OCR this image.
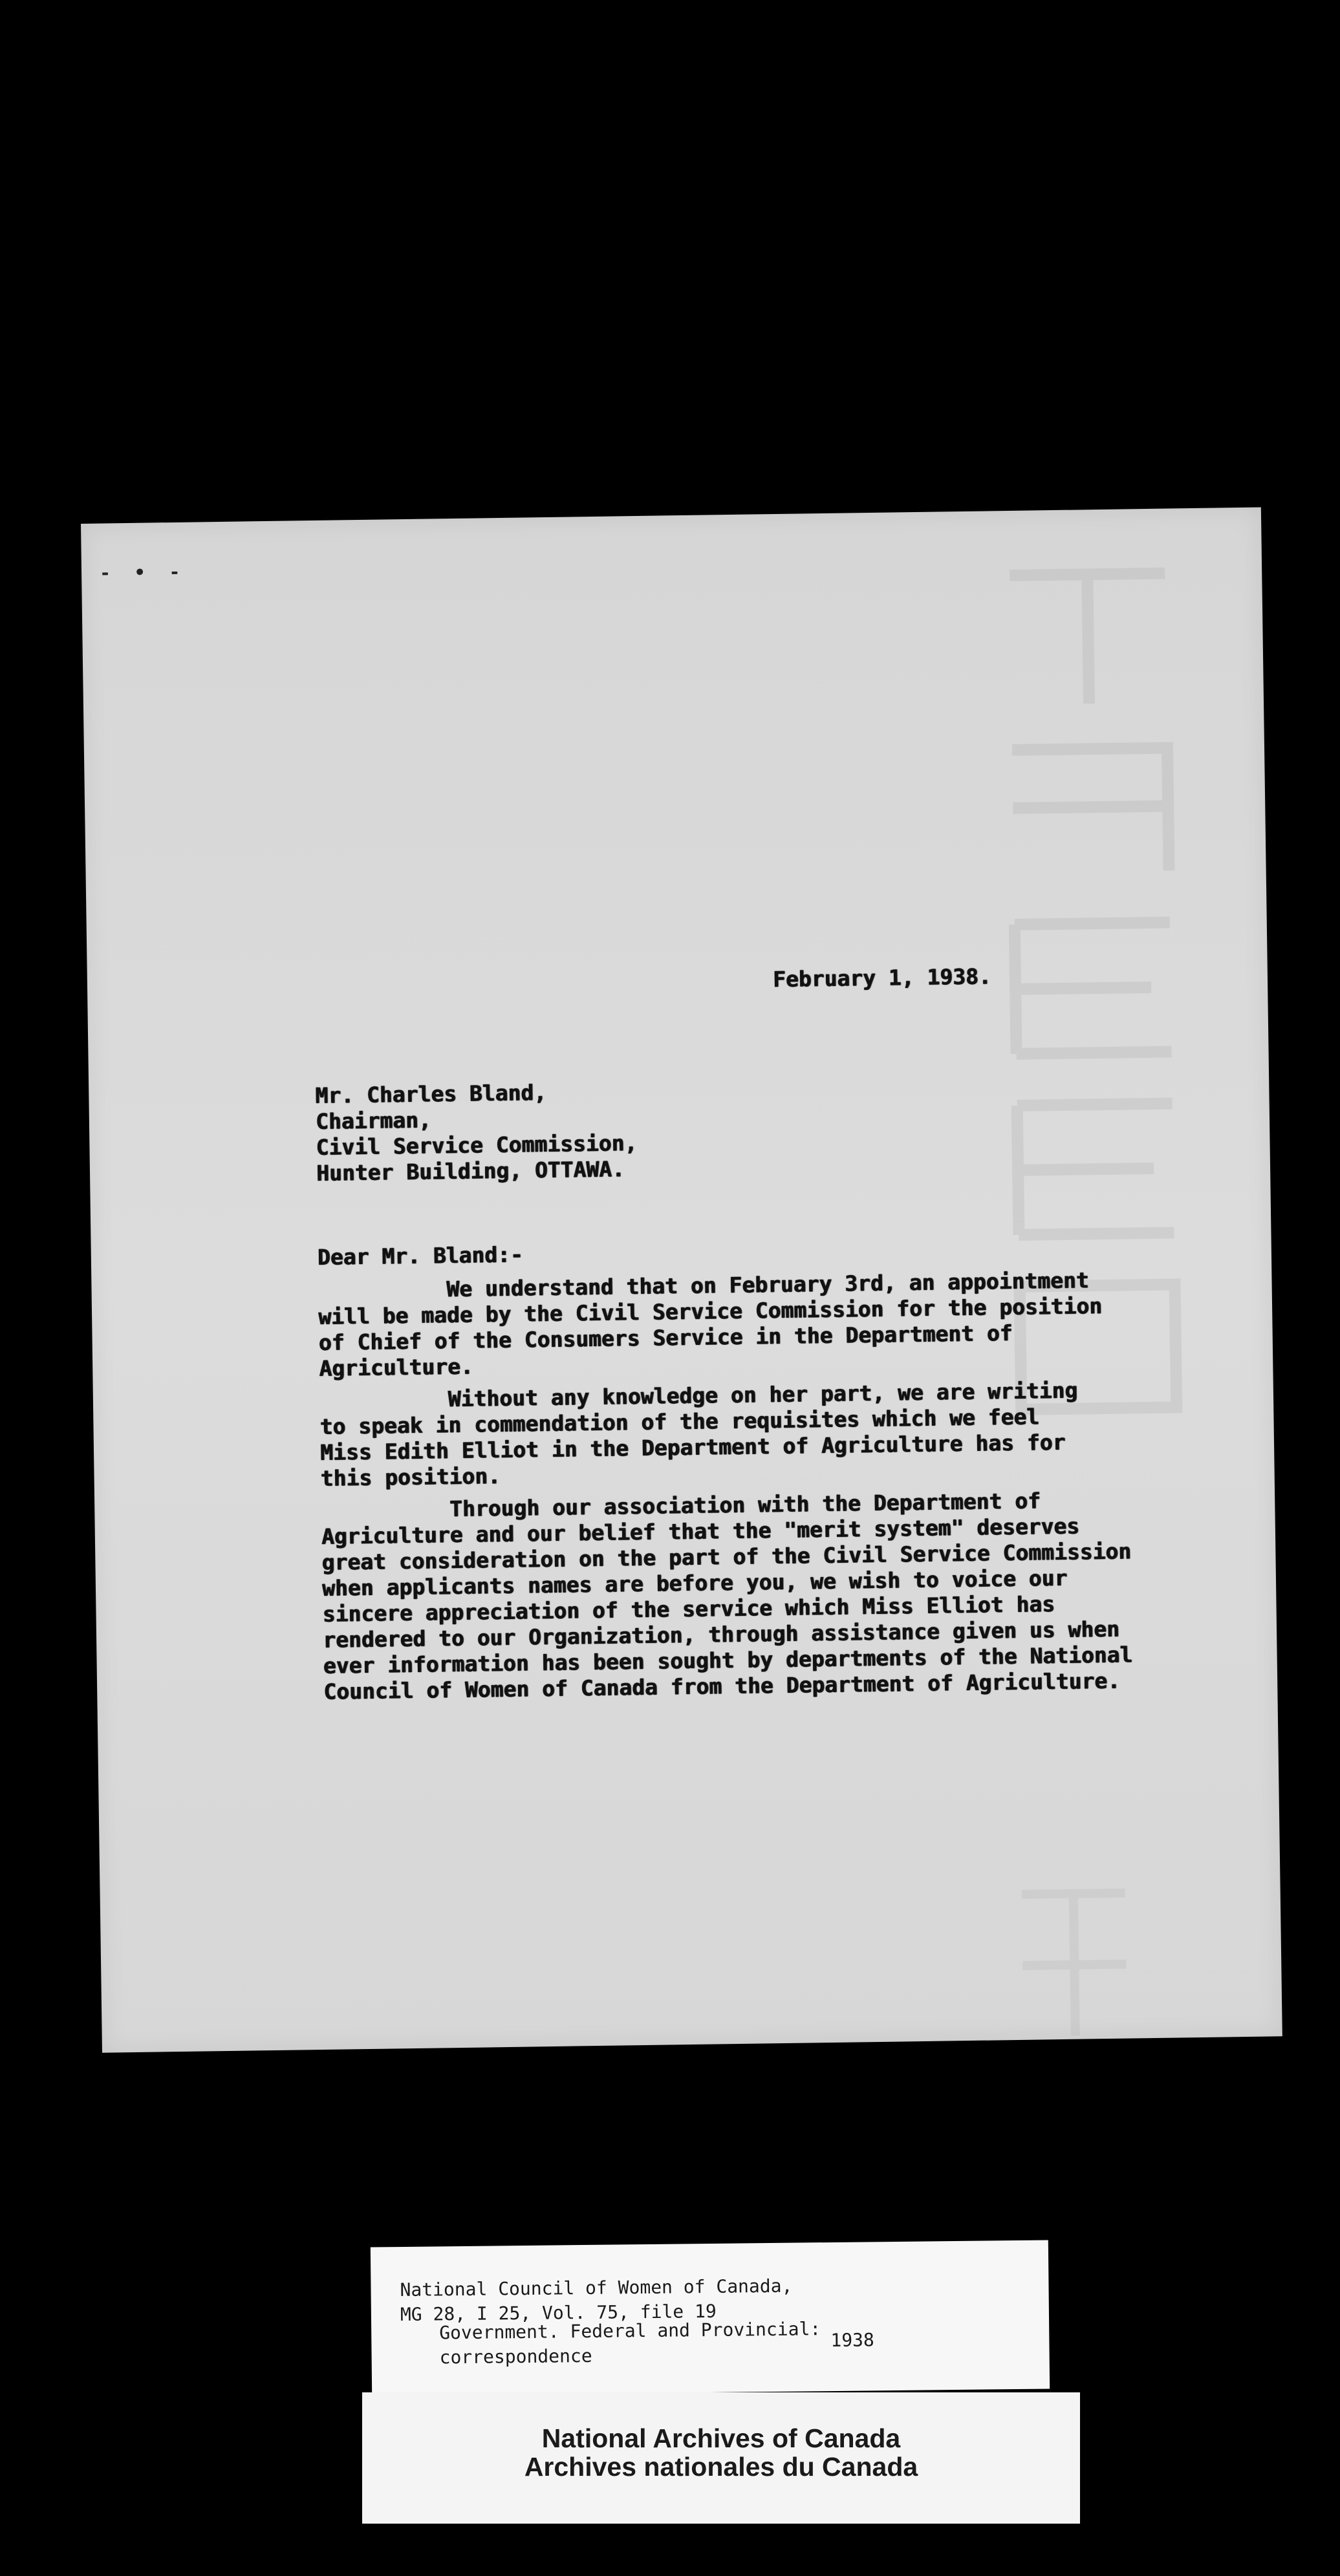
- • -
February 1, 1938.
Mr. Charles Bland,
Chairman,
Civil Service Commission,
Hunter Building, OTTAWA.
Dear Mr. Bland:-
We understand that on February 3rd, an appointment
will be made by the Civil Service Commission for the position
of Chief of the Consumers Service in the Department of
Agriculture.
Without any knowledge on her part, we are writing
to speak in commendation of the requisites which we feel
Miss Edith Elliot in the Department of Agriculture has for
this position.
Through our association with the Department of
Agriculture and our belief that the "merit system" deserves
great consideration on the part of the Civil Service Commission
when applicants names are before you, we wish to voice our
sincere appreciation of the service which Miss Elliot has
rendered to our Organization, through assistance given us when
ever information has been sought by departments of the National
Council of Women of Canada from the Department of Agriculture.
National Council of Women of Canada,
MG 28, I 25, Vol. 75, file 19
Government. Federal and Provincial:
correspondence
1938
National Archives of Canada
Archives nationales du Canada
